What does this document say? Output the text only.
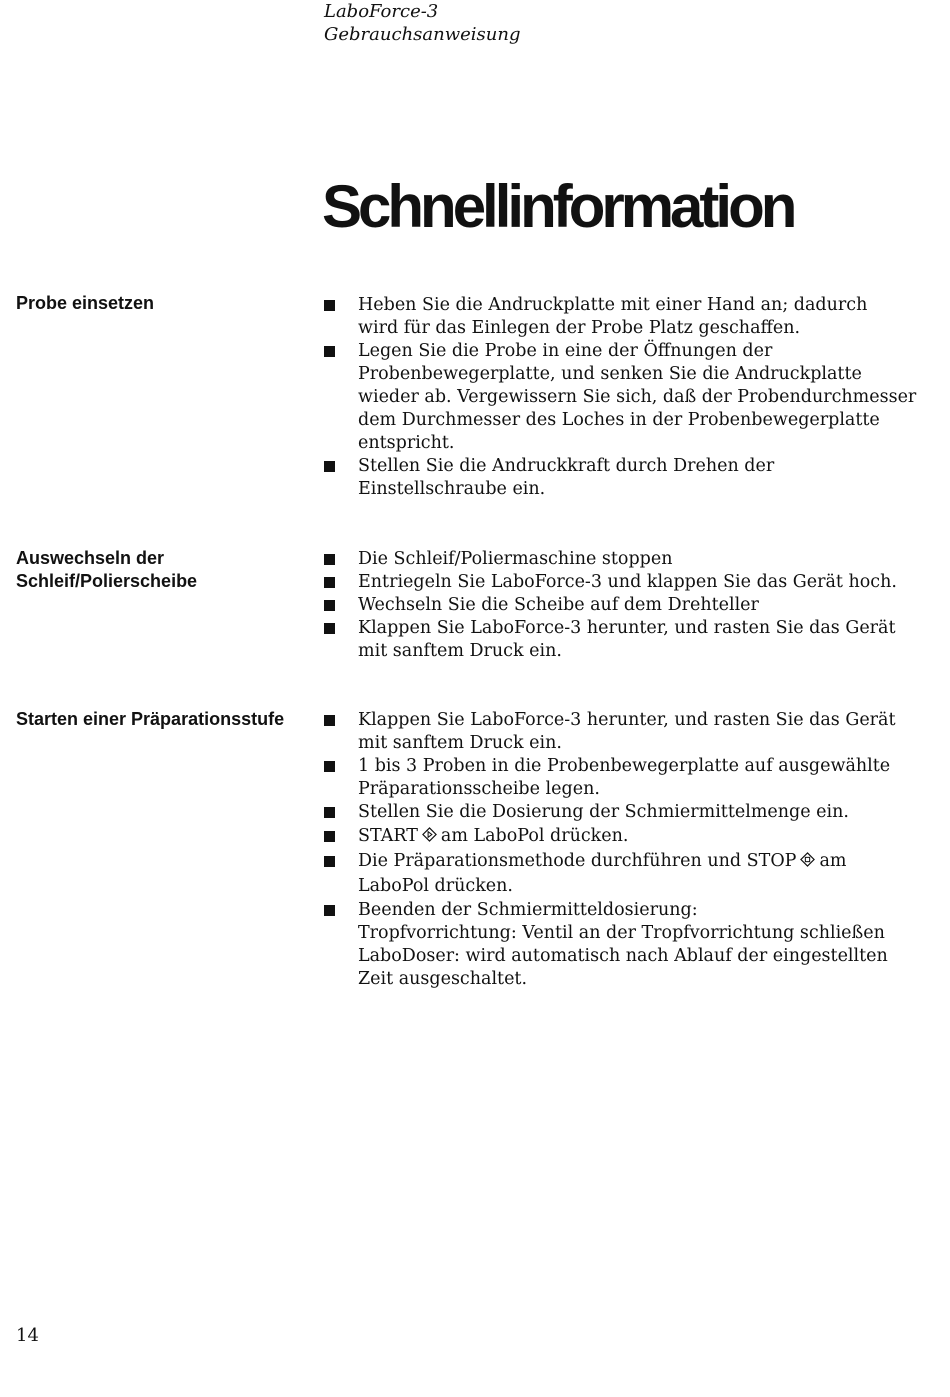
LaboForce-3
Gebrauchsanweisung
Schnellinformation
Probe einsetzen	Heben Sie die Andruckplatte mit einer Hand an; dadurch
wird für das Einlegen der Probe Platz geschaffen.
Legen Sie die Probe in eine der Öffnungen der
Probenbewegerplatte, und senken Sie die Andruckplatte
wieder ab. Vergewissern Sie sich, daß der Probendurchmesser
dem Durchmesser des Loches in der Probenbewegerplatte
entspricht.
Stellen Sie die Andruckkraft durch Drehen der
Einstellschraube ein.
Auswechseln der
Schleif/Polierscheibe
Die Schleif/Poliermaschine stoppen
Entriegeln Sie LaboForce-3 und klappen Sie das Gerät hoch.
Wechseln Sie die Scheibe auf dem Drehteller
Klappen Sie LaboForce-3 herunter, und rasten Sie das Gerät
mit sanftem Druck ein.
Starten einer Präparationsstufe	Klappen Sie LaboForce-3 herunter, und rasten Sie das Gerät
mit sanftem Druck ein.
1 bis 3 Proben in die Probenbewegerplatte auf ausgewählte
Präparationsscheibe legen.
Stellen Sie die Dosierung der Schmiermittelmenge ein.
START am LaboPol drücken.
Die Präparationsmethode durchführen und STOP am
LaboPol drücken.
Beenden der Schmiermitteldosierung:
Tropfvorrichtung: Ventil an der Tropfvorrichtung schließen
LaboDoser: wird automatisch nach Ablauf der eingestellten
Zeit ausgeschaltet.
14
